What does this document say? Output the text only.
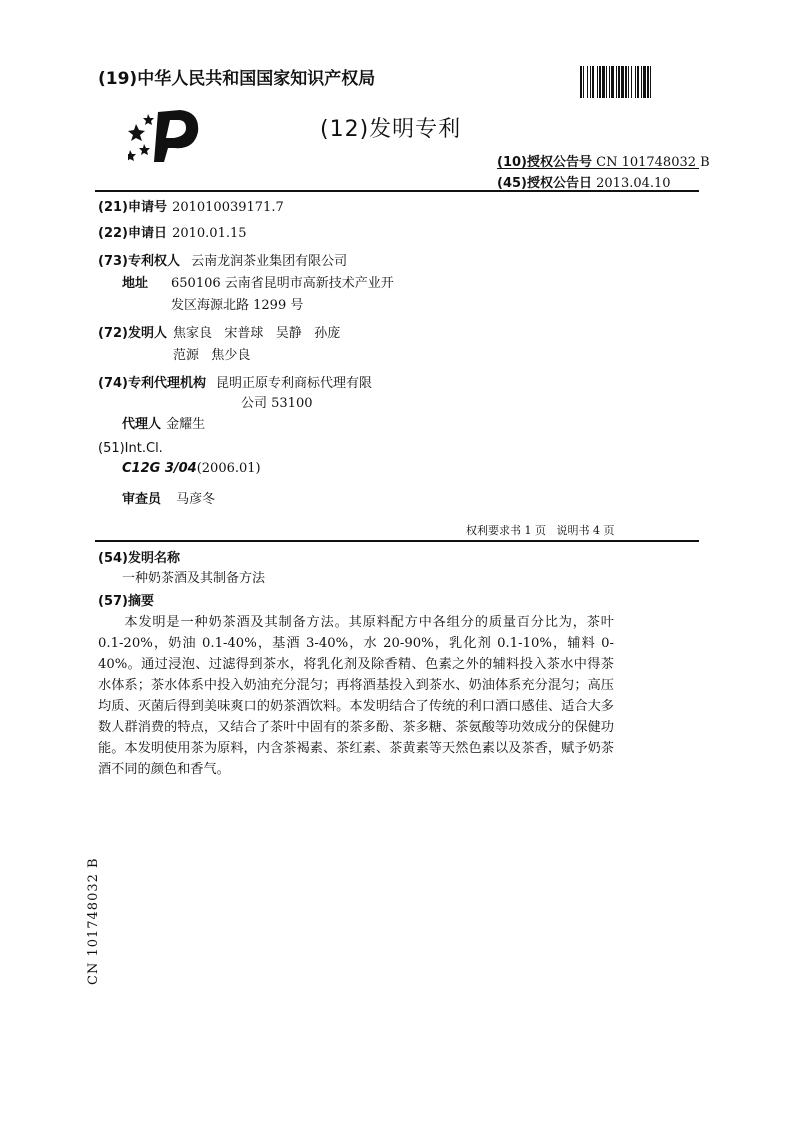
(19)中华人民共和国国家知识产权局
(12)发明专利
(10)授权公告号 CN 101748032 B
(45)授权公告日 2013.04.10
(21)申请号 201010039171.7
(22)申请日 2010.01.15
(73)专利权人 云南龙润茶业集团有限公司
地址 650106 云南省昆明市高新技术产业开
发区海源北路 1299 号
(72)发明人 焦家良   宋普球   吴静   孙庞
范源   焦少良
(74)专利代理机构 昆明正原专利商标代理有限
公司 53100
代理人 金耀生
(51)Int.Cl.
C12G 3/04(2006.01)
审查员 马彦冬
权利要求书 1 页   说明书 4 页
(54)发明名称
一种奶茶酒及其制备方法
(57)摘要

本发明是一种奶茶酒及其制备方法。其原料配方中各组分的质量百分比为，茶叶 0.1-20%，奶油 0.1-40%，基酒 3-40%，水 20-90%，乳化剂 0.1-10%，辅料 0-40%。通过浸泡、过滤得到茶水，将乳化剂及除香精、色素之外的辅料投入茶水中得茶水体系；茶水体系中投入奶油充分混匀；再将酒基投入到茶水、奶油体系充分混匀；高压均质、灭菌后得到美味爽口的奶茶酒饮料。本发明结合了传统的利口酒口感佳、适合大多数人群消费的特点，又结合了茶叶中固有的茶多酚、茶多糖、茶氨酸等功效成分的保健功能。本发明使用茶为原料，内含茶褐素、茶红素、茶黄素等天然色素以及茶香，赋予奶茶酒不同的颜色和香气。

CN 101748032 B
